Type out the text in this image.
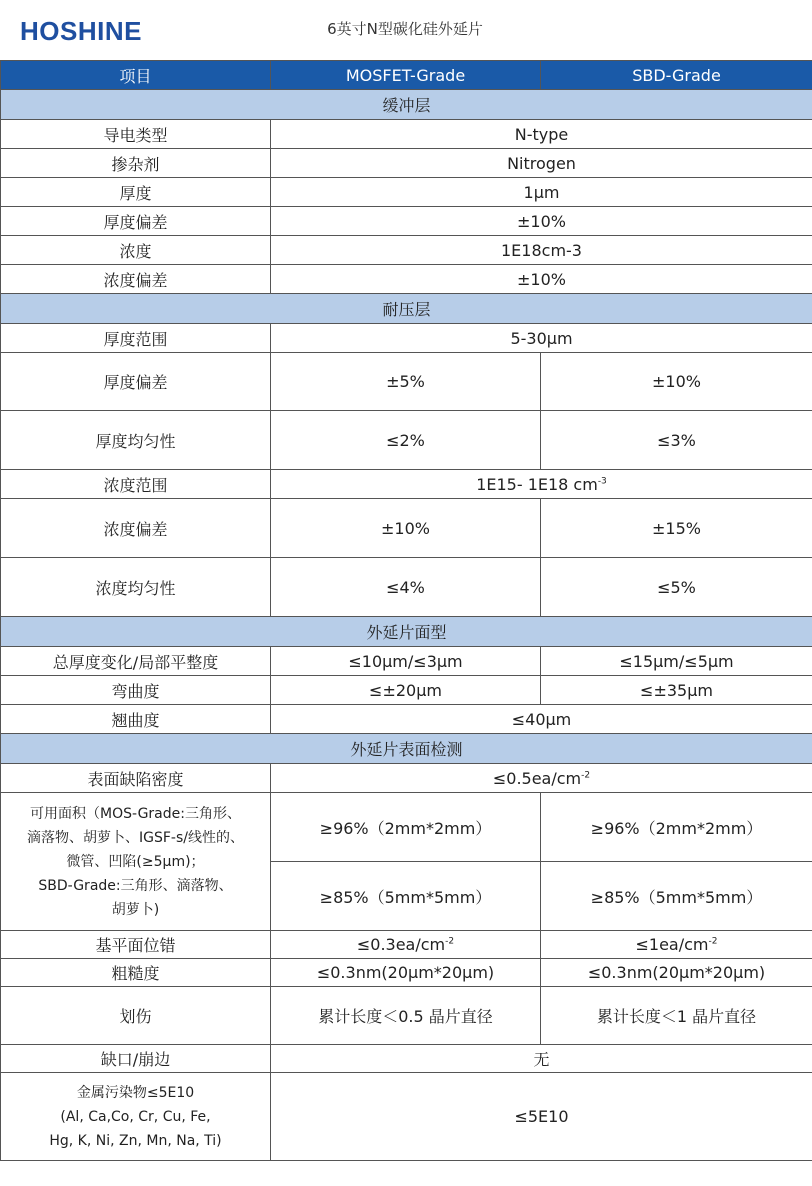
HOSHINE	6英寸N型碳化硅外延片
项目	MOSFET-Grade	SBD-Grade
缓冲层		
导电类型	N-type	
掺杂剂	Nitrogen	
厚度	1μm	
厚度偏差	±10%	
浓度	1E18cm-3	
浓度偏差	±10%	
耐压层		
厚度范围	5-30μm	
厚度偏差	±5%	±10%
厚度均匀性	≤2%	≤3%
浓度范围	1E15- 1E18 $cm^{-3}$
浓度偏差	±10%	±15%
浓度均匀性	≤4%	≤5%
外延片面型		
总厚度变化/局部平整度	≤10μm/≤3μm	≤15μm/≤5μm
弯曲度	≤±20μm	≤±35μm
翘曲度	≤40μm	
外延片表面检测		
表面缺陷密度	$\le 0.5ea/cm^{-2}$

可用面积（MOS-Grade:三角形、
滴落物、胡萝卜、IGSF-s/线性的、
微管、凹陷(≥5μm)；
SBD-Grade:三角形、滴落物、
胡萝卜)	≥96%（2mm*2mm）	≥96%（2mm*2mm）
	≥85%（5mm*5mm）	≥85%（5mm*5mm）
基平面位错	$\le 0.3ea/cm^{-2}$	$\le 1ea/cm^{-2}$
粗糙度	≤0.3nm(20μm*20μm)	≤0.3nm(20μm*20μm)
划伤	累计长度＜0.5 晶片直径	累计长度＜1 晶片直径
缺口/崩边	无	

金属污染物≤5E10
(Al, Ca,Co, Cr, Cu, Fe,
Hg, K, Ni, Zn, Mn, Na, Ti)	≤5E10	
